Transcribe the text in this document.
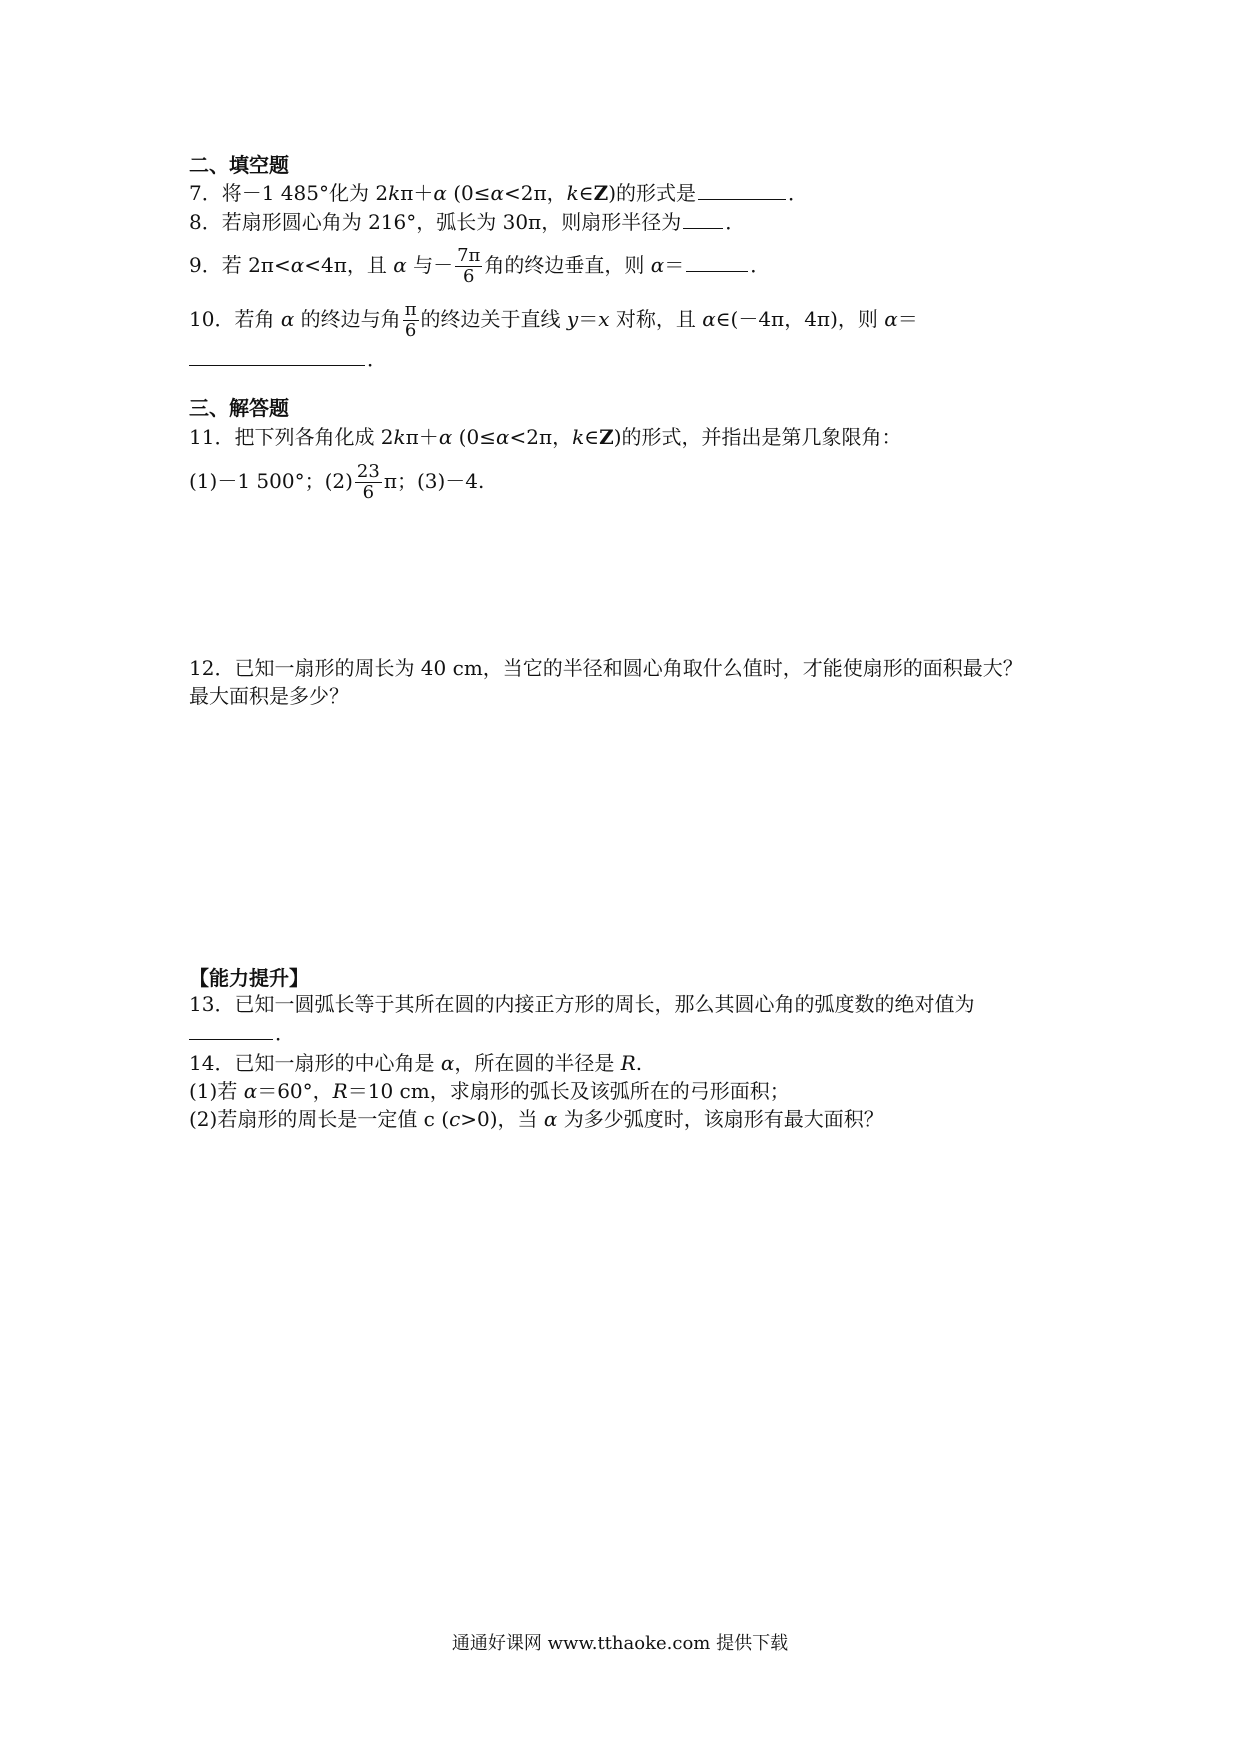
二、填空题
7．将－1 485°化为 2kπ＋α (0≤α<2π，k∈Z)的形式是	．
8．若扇形圆心角为 216°，弧长为 30π，则扇形半径为 ．
9．若 2π<α<4π，且 α 与－ $\frac{7\pi}{6}$ 角的终边垂直，则 α＝	．
10．若角 α 的终边与角 $\frac{\pi}{6}$ 的终边关于直线 y＝x 对称，且 α∈(－4π，4π)，则 α＝
．
三、解答题
11．把下列各角化成 2kπ＋α (0≤α<2π，k∈Z)的形式，并指出是第几象限角：
(1)－1 500°；$(2) \frac{23}{6}$ π；(3)－4.
12．已知一扇形的周长为 40 cm，当它的半径和圆心角取什么值时，才能使扇形的面积最大？
最大面积是多少？
【能力提升】
13．已知一圆弧长等于其所在圆的内接正方形的周长，那么其圆心角的弧度数的绝对值为
．
14．已知一扇形的中心角是 α，所在圆的半径是 R.
(1)若 α＝60°，R＝10 cm，求扇形的弧长及该弧所在的弓形面积；
(2)若扇形的周长是一定值 c (c>0)，当 α 为多少弧度时，该扇形有最大面积？
通通好课网 www.tthaoke.com 提供下载
